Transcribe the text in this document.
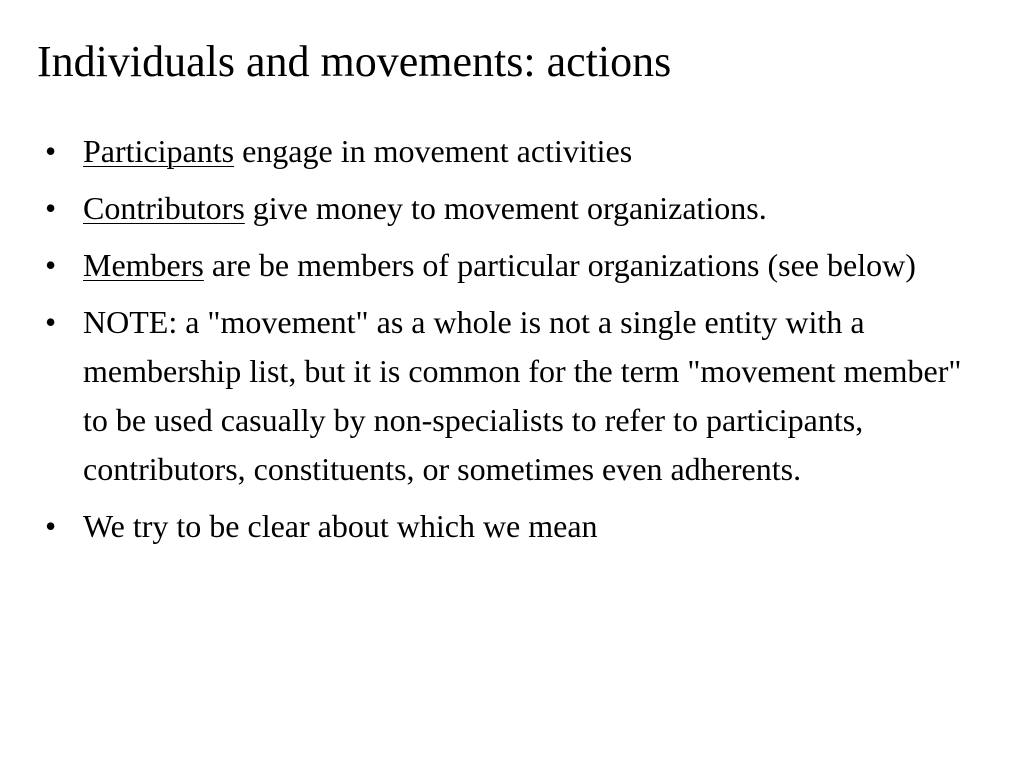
Individuals and movements: actions
• Participants engage in movement activities
• Contributors give money to movement organizations.
• Members are be members of particular organizations (see below)
• NOTE: a "movement" as a whole is not a single entity with a membership list, but it is common for the term "movement member" to be used casually by non-specialists to refer to participants, contributors, constituents, or sometimes even adherents.
• We try to be clear about which we mean
